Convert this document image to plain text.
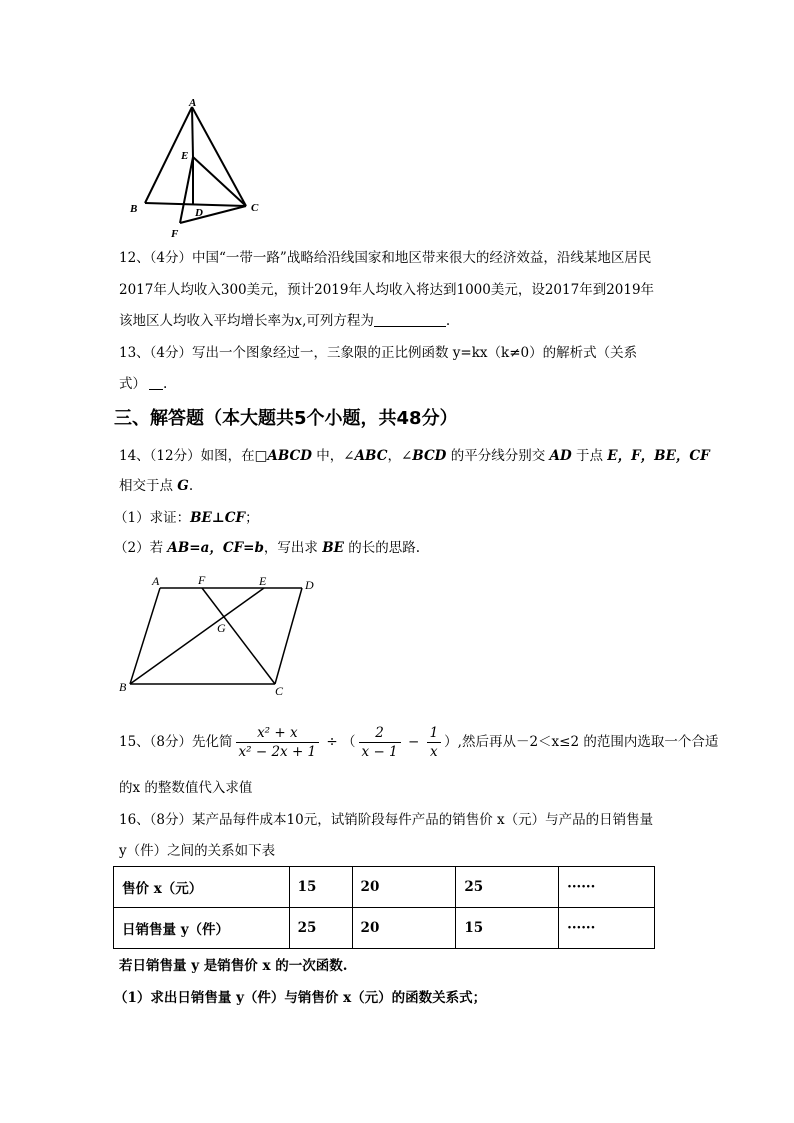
A
B	C
E
D
F
12、（4分）中国“一带一路”战略给沿线国家和地区带来很大的经济效益，沿线某地区居民
2017年人均收入300美元，预计2019年人均收入将达到1000美元，设2017年到2019年
该地区人均收入平均增长率为x,可列方程为	.
13、（4分）写出一个图象经过一，三象限的正比例函数 y=kx（k≠0）的解析式（关系
式） .
三、解答题（本大题共5个小题，共48分）
14、（12分）如图，在□ABCD 中，∠ABC，∠BCD 的平分线分别交 AD 于点 E，F，BE，CF
相交于点 G.
（1）求证：BE⊥CF；
（2）若 AB=a，CF=b，写出求 BE 的长的思路.
A	F	E	D
G
B	C
15、（8分）先化简 $\frac{\text{x² + x}}{\text{x² − 2x + 1}}$ ÷ （ $\frac{2}{x - 1} - \frac{1}{x}$ ）,然后再从－2＜x≤2 的范围内选取一个合适
的x 的整数值代入求值
16、（8分）某产品每件成本10元，试销阶段每件产品的销售价 x（元）与产品的日销售量
y（件）之间的关系如下表
售价 x（元）	15	20	25	······
日销售量 y（件）	25	20	15	······
若日销售量 y 是销售价 x 的一次函数.
（1）求出日销售量 y（件）与销售价 x（元）的函数关系式；
